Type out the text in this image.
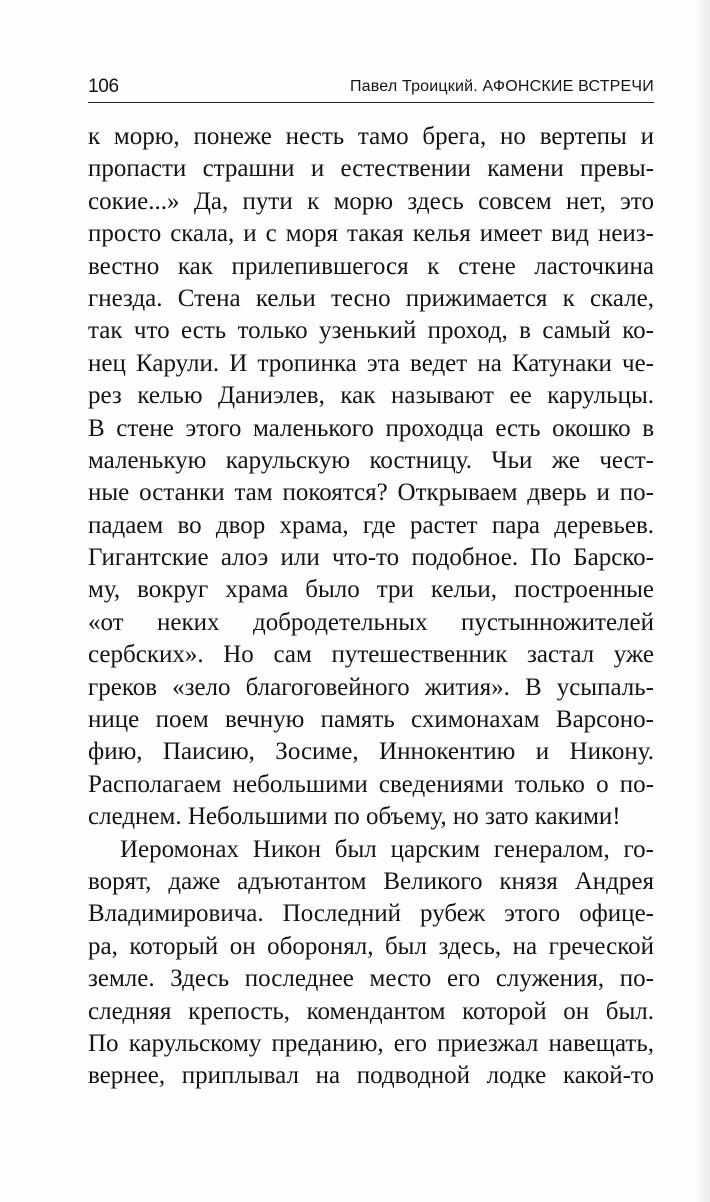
106	Павел Троицкий. АФОНСКИЕ ВСТРЕЧИ
к морю, понеже несть тамо брега, но вертепы и
пропасти страшни и естествении камени превы-
сокие...» Да, пути к морю здесь совсем нет, это
просто скала, и с моря такая келья имеет вид неиз-
вестно как прилепившегося к стене ласточкина
гнезда. Стена кельи тесно прижимается к скале,
так что есть только узенький проход, в самый ко-
нец Карули. И тропинка эта ведет на Катунаки че-
рез келью Даниэлев, как называют ее карульцы.
В стене этого маленького проходца есть окошко в
маленькую карульскую костницу. Чьи же чест-
ные останки там покоятся? Открываем дверь и по-
падаем во двор храма, где растет пара деревьев.
Гигантские алоэ или что-то подобное. По Барско-
му, вокруг храма было три кельи, построенные
«от неких добродетельных пустынножителей
сербских». Но сам путешественник застал уже
греков «зело благоговейного жития». В усыпаль-
нице поем вечную память схимонахам Варсоно-
фию, Паисию, Зосиме, Иннокентию и Никону.
Располагаем небольшими сведениями только о по-
следнем. Небольшими по объему, но зато какими!
Иеромонах Никон был царским генералом, го-
ворят, даже адъютантом Великого князя Андрея
Владимировича. Последний рубеж этого офице-
ра, который он оборонял, был здесь, на греческой
земле. Здесь последнее место его служения, по-
следняя крепость, комендантом которой он был.
По карульскому преданию, его приезжал навещать,
вернее, приплывал на подводной лодке какой-то
